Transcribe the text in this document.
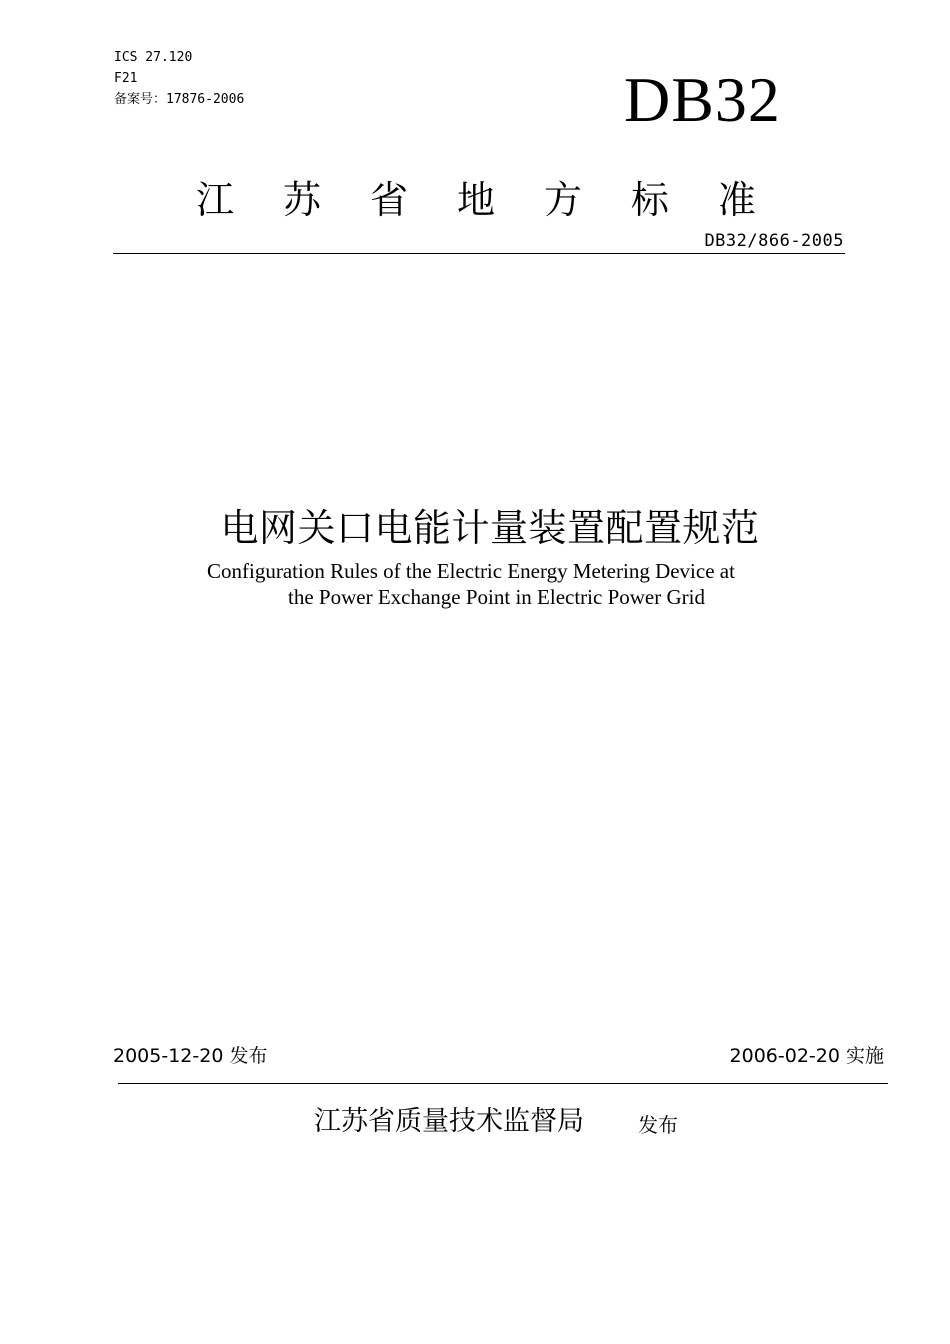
ICS 27.120
F21
备案号：17876-2006	DB32
江 苏 省 地 方 标 准
DB32/866-2005
电网关口电能计量装置配置规范
Configuration Rules of the Electric Energy Metering Device at
the Power Exchange Point in Electric Power Grid
2005-12-20 发布	2006-02-20 实施
江苏省质量技术监督局	发布
